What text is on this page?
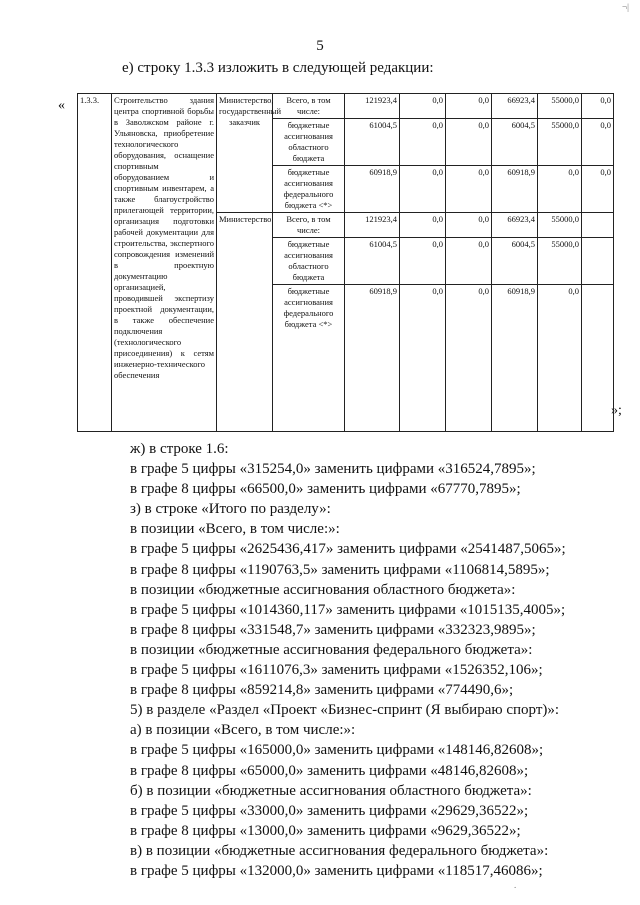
¬|
.
5
е) строку 1.3.3 изложить в следующей редакции:
«
»;
1.3.3.	Строительство здания центра спортивной борьбы в Заволжском районе г. Ульяновска, приобретение технологического оборудования, оснащение спортивным оборудованием и спортивным инвентарем, а также благоустройство прилегающей территории, организация подготовки рабочей документации для строительства, экспертного сопровождения изменений в проектную документацию организацией, проводившей экспертизу проектной документации, в также обеспечение подключения (технологического присоединения) к сетям инженерно-технического обеспечения	Министерство, государственный заказчик	Всего, в том числе:	121923,4	0,0	0,0	66923,4	55000,0	0,0
			бюджетные ассигнования областного бюджета	61004,5	0,0	0,0	6004,5	55000,0	0,0
			бюджетные ассигнования федерального бюджета <*>	60918,9	0,0	0,0	60918,9	0,0	0,0
		Министерство	Всего, в том числе:	121923,4	0,0	0,0	66923,4	55000,0	
			бюджетные ассигнования областного бюджета	61004,5	0,0	0,0	6004,5	55000,0	
			бюджетные ассигнования федерального бюджета <*>	60918,9	0,0	0,0	60918,9	0,0	
ж) в строке 1.6:
в графе 5 цифры «315254,0» заменить цифрами «316524,7895»;
в графе 8 цифры «66500,0» заменить цифрами «67770,7895»;
з) в строке «Итого по разделу»:
в позиции «Всего, в том числе:»:
в графе 5 цифры «2625436,417» заменить цифрами «2541487,5065»;
в графе 8 цифры «1190763,5» заменить цифрами «1106814,5895»;
в позиции «бюджетные ассигнования областного бюджета»:
в графе 5 цифры «1014360,117» заменить цифрами «1015135,4005»;
в графе 8 цифры «331548,7» заменить цифрами «332323,9895»;
в позиции «бюджетные ассигнования федерального бюджета»:
в графе 5 цифры «1611076,3» заменить цифрами «1526352,106»;
в графе 8 цифры «859214,8» заменить цифрами «774490,6»;
5) в разделе «Раздел «Проект «Бизнес-спринт (Я выбираю спорт)»:
а) в позиции «Всего, в том числе:»:
в графе 5 цифры «165000,0» заменить цифрами «148146,82608»;
в графе 8 цифры «65000,0» заменить цифрами «48146,82608»;
б) в позиции «бюджетные ассигнования областного бюджета»:
в графе 5 цифры «33000,0» заменить цифрами «29629,36522»;
в графе 8 цифры «13000,0» заменить цифрами «9629,36522»;
в) в позиции «бюджетные ассигнования федерального бюджета»:
в графе 5 цифры «132000,0» заменить цифрами «118517,46086»;
